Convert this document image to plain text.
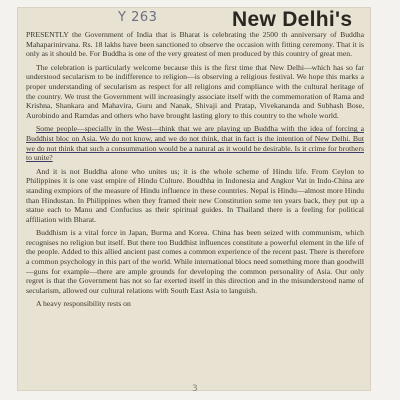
Y 263	New Delhi's

PRESENTLY the Government of India that is Bharat is celebrating the 2500 th anniversary of Buddha Mahaparinirvana. Rs. 18 lakhs have been sanctioned to observe the occasion with fitting ceremony. That it is only as it should be. For Buddha is one of the very greatest of men produced by this country of great men.

The celebration is particularly welcome because this is the first time that New Delhi—which has so far understood secularism to be indifference to religion—is observing a religious festival. We hope this marks a proper understanding of secularism as respect for all religions and compliance with the cultural heritage of the country. We trust the Government will increasingly associate itself with the commemoration of Rama and Krishna, Shankara and Mahavira, Guru and Nanak, Shivaji and Pratap, Vivekananda and Subhash Bose, Aurobindo and Ramdas and others who have brought lasting glory to this country to the whole world.

Some people—specially in the West—think that we are playing up Buddha with the idea of forcing a Buddhist bloc on Asia. We do not know, and we do not think, that in fact is the intention of New Delhi. But we do not think that such a consummation would be a natural as it would be desirable. Is it crime for brothers to unite?

And it is not Buddha alone who unites us; it is the whole scheme of Hindu life. From Ceylon to Philippines it is one vast empire of Hindu Culture. Boudhha in Indonesia and Angkor Vat in Indo-China are standing exmpiors of the measure of Hindu influence in these countries. Nepal is Hindu—almost more Hindu than Hindustan. In Philippines when they framed their new Constitution some ten years back, they put up a statue each to Manu and Confucius as their spiritual guides. In Thailand there is a feeling for political affiliation with Bharat.

Buddhism is a vital force in Japan, Burma and Korea. China has been seized with communism, which recognises no religion but itself. But there too Buddhist influences constitute a powerful element in the life of the people. Added to this allied ancient past comes a common experience of the recent past. There is therefore a common psychology in this part of the world. While international blocs need something more than goodwill—guns for example—there are ample grounds for developing the common personality of Asia. Our only regret is that the Government has not so far exerted itself in this direction and in the misunderstood name of secularism, allowed our cultural relations with South East Asia to languish.

A heavy responsibility rests on

3
